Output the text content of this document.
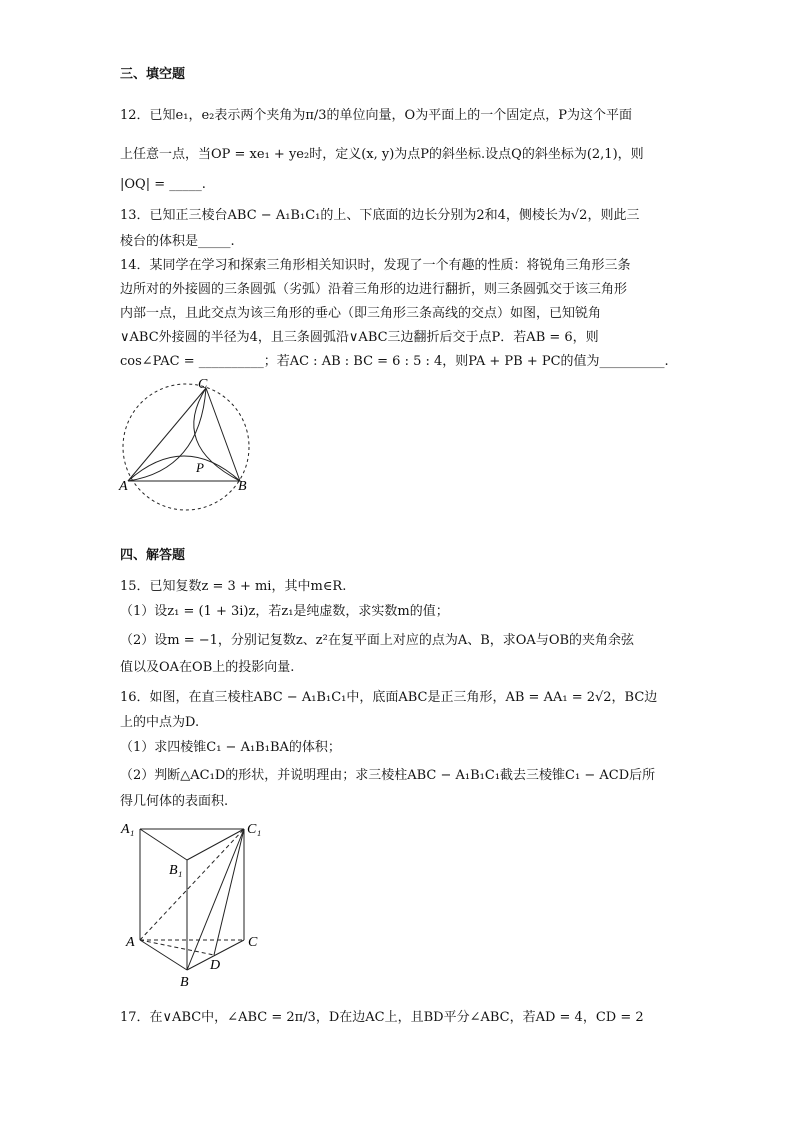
三、填空题
12．已知e₁，e₂表示两个夹角为π/3的单位向量，O为平面上的一个固定点，P为这个平面
上任意一点，当OP = xe₁ + ye₂时，定义(x, y)为点P的斜坐标.设点Q的斜坐标为(2,1)，则
|OQ| = _____.
13．已知正三棱台ABC − A₁B₁C₁的上、下底面的边长分别为2和4，侧棱长为√2，则此三
棱台的体积是_____.
14．某同学在学习和探索三角形相关知识时，发现了一个有趣的性质：将锐角三角形三条
边所对的外接圆的三条圆弧（劣弧）沿着三角形的边进行翻折，则三条圆弧交于该三角形
内部一点，且此交点为该三角形的垂心（即三角形三条高线的交点）如图，已知锐角
∨ABC外接圆的半径为4，且三条圆弧沿∨ABC三边翻折后交于点P．若AB = 6，则
cos∠PAC = __________；若AC : AB : BC = 6 : 5 : 4，则PA + PB + PC的值为__________.
C
P
A	B
四、解答题
15．已知复数z = 3 + mi，其中m∈R.
（1）设z₁ = (1 + 3i)z，若z₁是纯虚数，求实数m的值；
（2）设m = −1，分别记复数z、z²在复平面上对应的点为A、B，求OA与OB的夹角余弦
值以及OA在OB上的投影向量.
16．如图，在直三棱柱ABC − A₁B₁C₁中，底面ABC是正三角形，AB = AA₁ = 2√2，BC边
上的中点为D.
（1）求四棱锥C₁ − A₁B₁BA的体积；
（2）判断△AC₁D的形状，并说明理由；求三棱柱ABC − A₁B₁C₁截去三棱锥C₁ − ACD后所
得几何体的表面积.
A₁	C₁
B₁
A	C
D
B
17．在∨ABC中，∠ABC = 2π/3，D在边AC上，且BD平分∠ABC，若AD = 4，CD = 2
